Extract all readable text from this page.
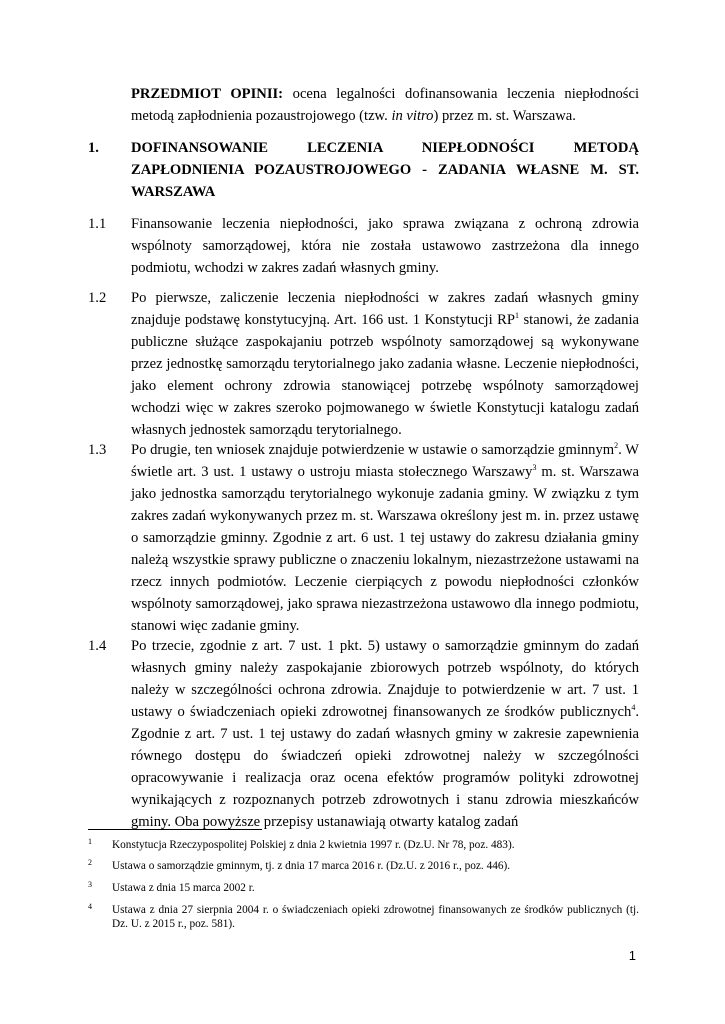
PRZEDMIOT OPINII: ocena legalności dofinansowania leczenia niepłodności metodą zapłodnienia pozaustrojowego (tzw. in vitro) przez m. st. Warszawa.
1. DOFINANSOWANIE LECZENIA NIEPŁODNOŚCI METODĄ ZAPŁODNIENIA POZAUSTROJOWEGO - ZADANIA WŁASNE M. ST. WARSZAWA
1.1 Finansowanie leczenia niepłodności, jako sprawa związana z ochroną zdrowia wspólnoty samorządowej, która nie została ustawowo zastrzeżona dla innego podmiotu, wchodzi w zakres zadań własnych gminy.
1.2 Po pierwsze, zaliczenie leczenia niepłodności w zakres zadań własnych gminy znajduje podstawę konstytucyjną. Art. 166 ust. 1 Konstytucji $RP^1$ stanowi, że zadania publiczne służące zaspokajaniu potrzeb wspólnoty samorządowej są wykonywane przez jednostkę samorządu terytorialnego jako zadania własne. Leczenie niepłodności, jako element ochrony zdrowia stanowiącej potrzebę wspólnoty samorządowej wchodzi więc w zakres szeroko pojmowanego w świetle Konstytucji katalogu zadań własnych jednostek samorządu terytorialnego.
1.3 Po drugie, ten wniosek znajduje potwierdzenie w ustawie o samorządzie gminnym$^2$. W świetle art. 3 ust. 1 ustawy o ustroju miasta stołecznego Warszawy$^3$ m. st. Warszawa jako jednostka samorządu terytorialnego wykonuje zadania gminy. W związku z tym zakres zadań wykonywanych przez m. st. Warszawa określony jest m. in. przez ustawę o samorządzie gminny. Zgodnie z art. 6 ust. 1 tej ustawy do zakresu działania gminy należą wszystkie sprawy publiczne o znaczeniu lokalnym, niezastrzeżone ustawami na rzecz innych podmiotów. Leczenie cierpiących z powodu niepłodności członków wspólnoty samorządowej, jako sprawa niezastrzeżona ustawowo dla innego podmiotu, stanowi więc zadanie gminy.
1.4 Po trzecie, zgodnie z art. 7 ust. 1 pkt. 5) ustawy o samorządzie gminnym do zadań własnych gminy należy zaspokajanie zbiorowych potrzeb wspólnoty, do których należy w szczególności ochrona zdrowia. Znajduje to potwierdzenie w art. 7 ust. 1 ustawy o świadczeniach opieki zdrowotnej finansowanych ze środków publicznych$^4$. Zgodnie z art. 7 ust. 1 tej ustawy do zadań własnych gminy w zakresie zapewnienia równego dostępu do świadczeń opieki zdrowotnej należy w szczególności opracowywanie i realizacja oraz ocena efektów programów polityki zdrowotnej wynikających z rozpoznanych potrzeb zdrowotnych i stanu zdrowia mieszkańców gminy. Oba powyższe przepisy ustanawiają otwarty katalog zadań
1 Konstytucja Rzeczypospolitej Polskiej z dnia 2 kwietnia 1997 r. (Dz.U. Nr 78, poz. 483).
2 Ustawa o samorządzie gminnym, tj. z dnia 17 marca 2016 r. (Dz.U. z 2016 r., poz. 446).
3 Ustawa z dnia 15 marca 2002 r.
4 Ustawa z dnia 27 sierpnia 2004 r. o świadczeniach opieki zdrowotnej finansowanych ze środków publicznych (tj. Dz. U. z 2015 r., poz. 581).
1
